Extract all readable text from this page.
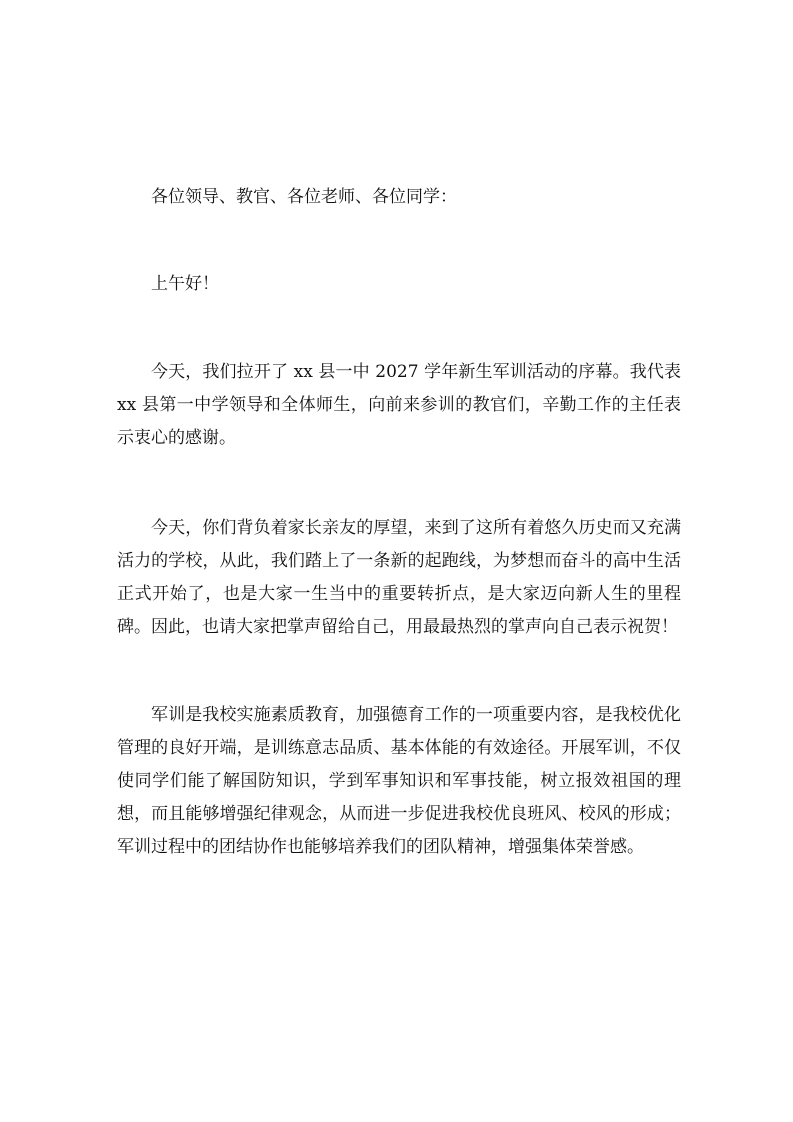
各位领导、教官、各位老师、各位同学：

上午好！

今天，我们拉开了 xx 县一中 2027 学年新生军训活动的序幕。我代表 xx 县第一中学领导和全体师生，向前来参训的教官们，辛勤工作的主任表示衷心的感谢。

今天，你们背负着家长亲友的厚望，来到了这所有着悠久历史而又充满活力的学校，从此，我们踏上了一条新的起跑线，为梦想而奋斗的高中生活正式开始了，也是大家一生当中的重要转折点，是大家迈向新人生的里程碑。因此，也请大家把掌声留给自己，用最最热烈的掌声向自己表示祝贺！

军训是我校实施素质教育，加强德育工作的一项重要内容，是我校优化管理的良好开端，是训练意志品质、基本体能的有效途径。开展军训，不仅使同学们能了解国防知识，学到军事知识和军事技能，树立报效祖国的理想，而且能够增强纪律观念，从而进一步促进我校优良班风、校风的形成；军训过程中的团结协作也能够培养我们的团队精神，增强集体荣誉感。
